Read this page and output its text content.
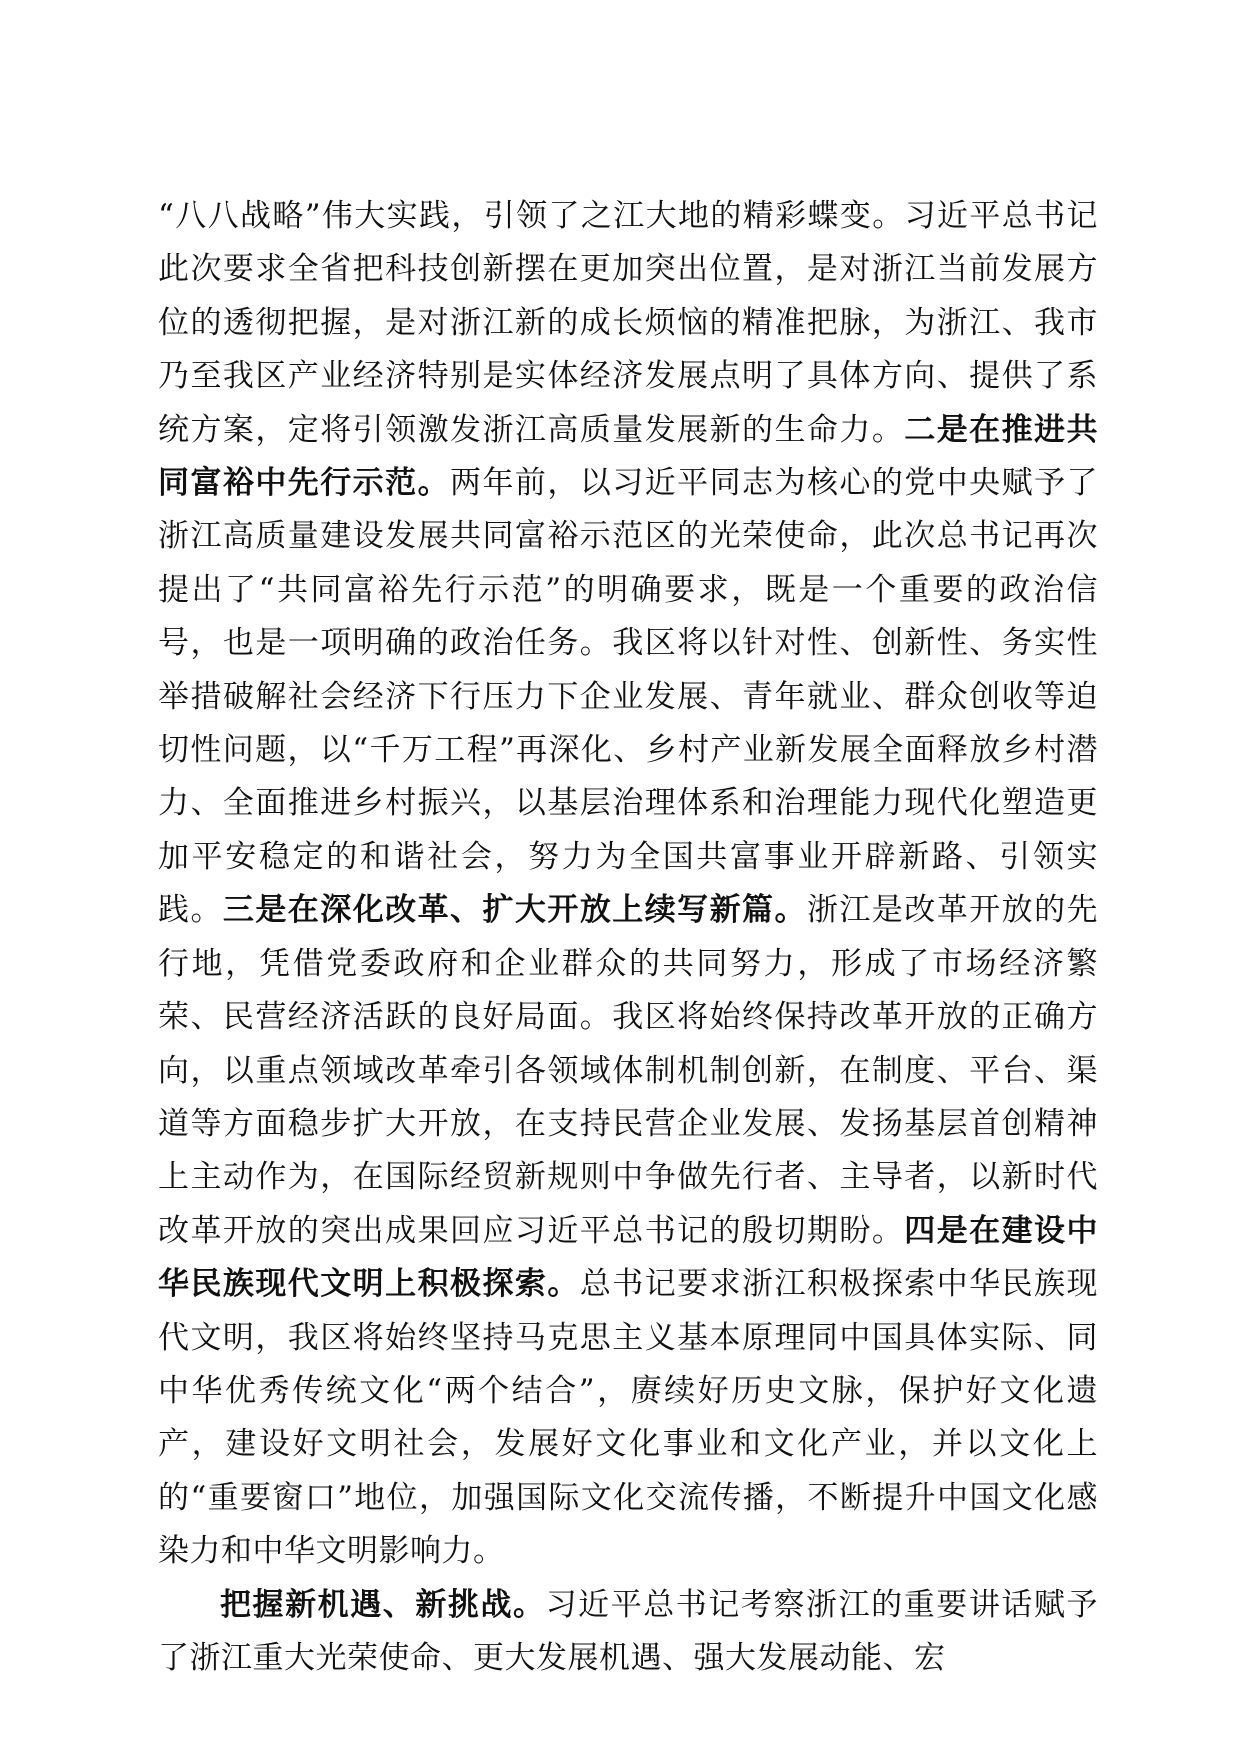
“八八战略”伟大实践，引领了之江大地的精彩蝶变。习近平总书记此次要求全省把科技创新摆在更加突出位置，是对浙江当前发展方位的透彻把握，是对浙江新的成长烦恼的精准把脉，为浙江、我市乃至我区产业经济特别是实体经济发展点明了具体方向、提供了系统方案，定将引领激发浙江高质量发展新的生命力。二是在推进共同富裕中先行示范。两年前，以习近平同志为核心的党中央赋予了浙江高质量建设发展共同富裕示范区的光荣使命，此次总书记再次提出了“共同富裕先行示范”的明确要求，既是一个重要的政治信号，也是一项明确的政治任务。我区将以针对性、创新性、务实性举措破解社会经济下行压力下企业发展、青年就业、群众创收等迫切性问题，以“千万工程”再深化、乡村产业新发展全面释放乡村潜力、全面推进乡村振兴，以基层治理体系和治理能力现代化塑造更加平安稳定的和谐社会，努力为全国共富事业开辟新路、引领实践。三是在深化改革、扩大开放上续写新篇。浙江是改革开放的先行地，凭借党委政府和企业群众的共同努力，形成了市场经济繁荣、民营经济活跃的良好局面。我区将始终保持改革开放的正确方向，以重点领域改革牵引各领域体制机制创新，在制度、平台、渠道等方面稳步扩大开放，在支持民营企业发展、发扬基层首创精神上主动作为，在国际经贸新规则中争做先行者、主导者，以新时代改革开放的突出成果回应习近平总书记的殷切期盼。四是在建设中华民族现代文明上积极探索。总书记要求浙江积极探索中华民族现代文明，我区将始终坚持马克思主义基本原理同中国具体实际、同中华优秀传统文化“两个结合”，赓续好历史文脉，保护好文化遗产，建设好文明社会，发展好文化事业和文化产业，并以文化上的“重要窗口”地位，加强国际文化交流传播，不断提升中国文化感染力和中华文明影响力。

把握新机遇、新挑战。习近平总书记考察浙江的重要讲话赋予了浙江重大光荣使命、更大发展机遇、强大发展动能、宏
